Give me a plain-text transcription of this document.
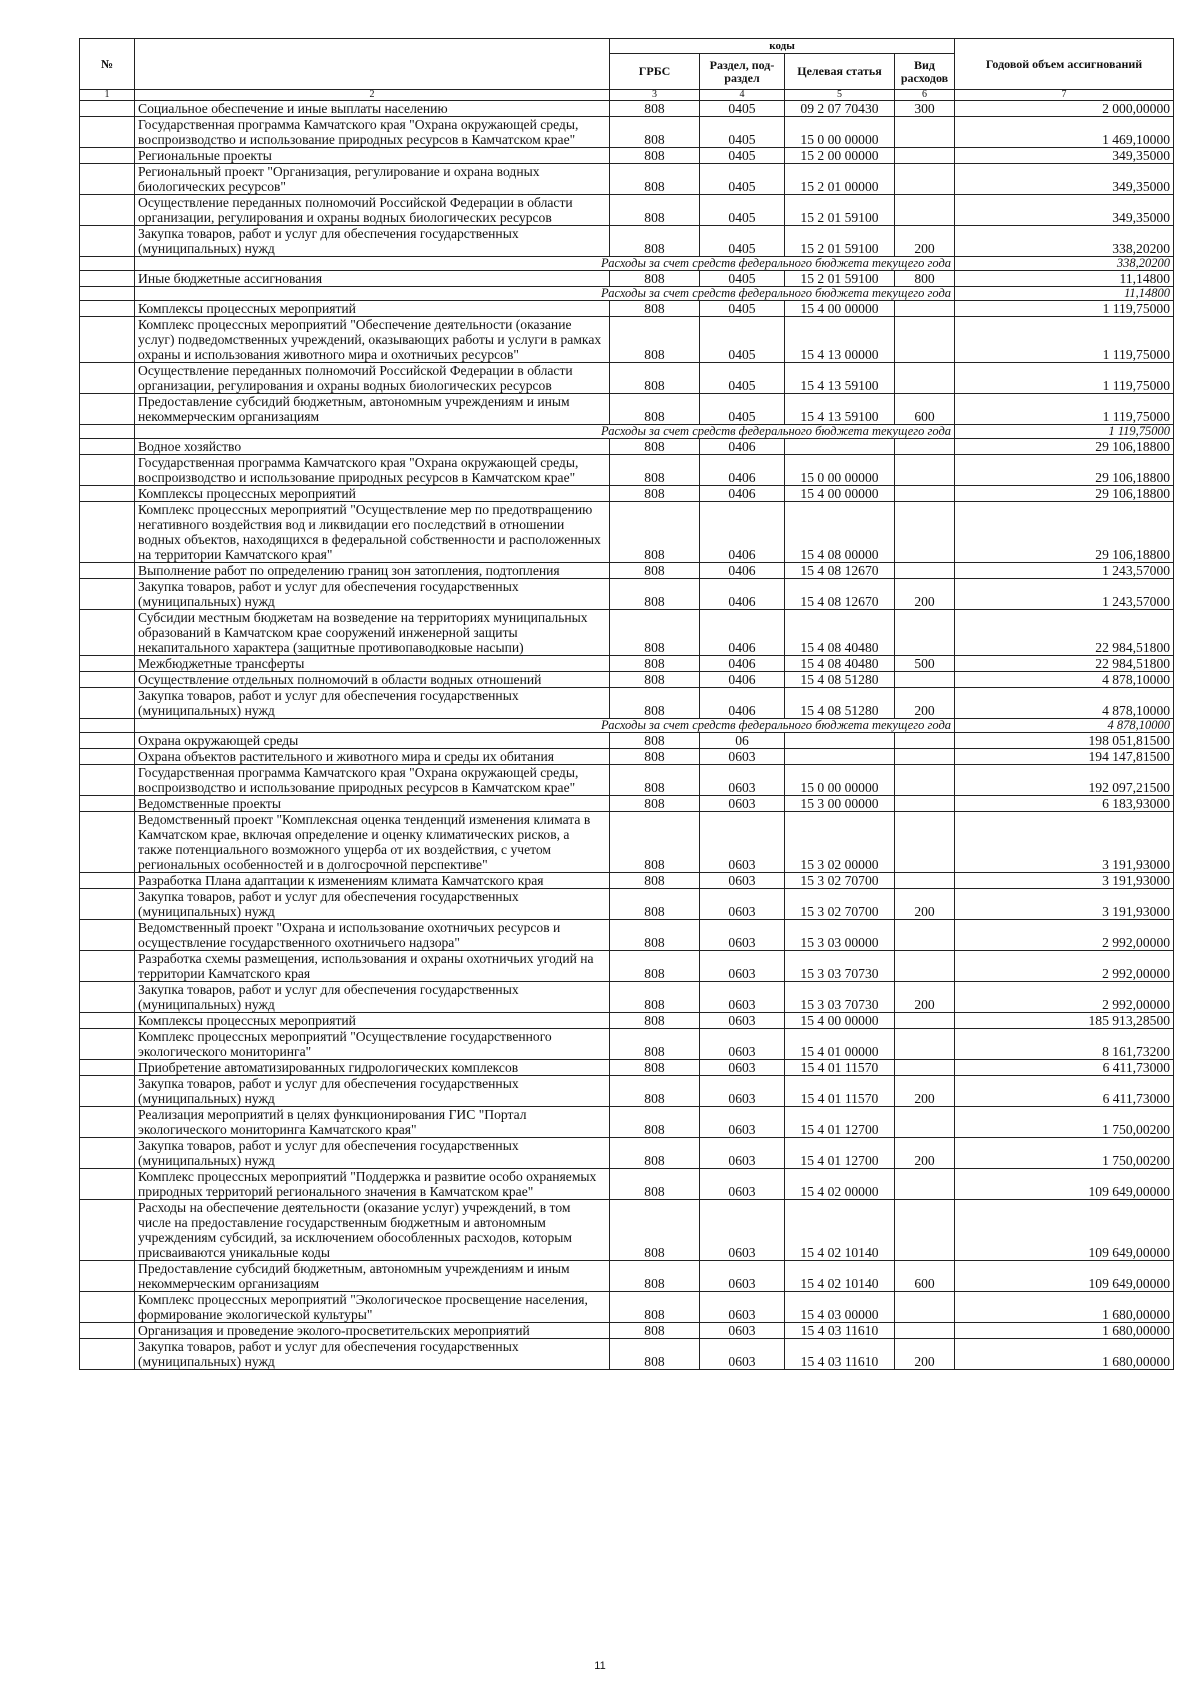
№		коды				Годовой объем ассигнований
		ГРБС	Раздел, под-раздел	Целевая статья	Вид расходов	
1	2	3	4	5	6	7
	Социальное обеспечение и иные выплаты населению	808	0405	09 2 07 70430	300	2 000,00000
	Государственная программа Камчатского края "Охрана окружающей среды, воспроизводство и использование природных ресурсов в Камчатском крае"	808	0405	15 0 00 00000		1 469,10000
	Региональные проекты	808	0405	15 2 00 00000		349,35000
	Региональный проект "Организация, регулирование и охрана водных биологических ресурсов"	808	0405	15 2 01 00000		349,35000
	Осуществление переданных полномочий Российской Федерации в области организации, регулирования и охраны водных биологических ресурсов	808	0405	15 2 01 59100		349,35000
	Закупка товаров, работ и услуг для обеспечения государственных (муниципальных) нужд	808	0405	15 2 01 59100	200	338,20200
	Расходы за счет средств федерального бюджета текущего года					338,20200
	Иные бюджетные ассигнования	808	0405	15 2 01 59100	800	11,14800
	Расходы за счет средств федерального бюджета текущего года					11,14800
	Комплексы процессных мероприятий	808	0405	15 4 00 00000		1 119,75000
	Комплекс процессных мероприятий "Обеспечение деятельности (оказание услуг) подведомственных учреждений, оказывающих работы и услуги в рамках охраны и использования животного мира и охотничьих ресурсов"	808	0405	15 4 13 00000		1 119,75000
	Осуществление переданных полномочий Российской Федерации в области организации, регулирования и охраны водных биологических ресурсов	808	0405	15 4 13 59100		1 119,75000
	Предоставление субсидий бюджетным, автономным учреждениям и иным некоммерческим организациям	808	0405	15 4 13 59100	600	1 119,75000
	Расходы за счет средств федерального бюджета текущего года					1 119,75000
	Водное хозяйство	808	0406			29 106,18800
	Государственная программа Камчатского края "Охрана окружающей среды, воспроизводство и использование природных ресурсов в Камчатском крае"	808	0406	15 0 00 00000		29 106,18800
	Комплексы процессных мероприятий	808	0406	15 4 00 00000		29 106,18800
	Комплекс процессных мероприятий "Осуществление мер по предотвращению негативного воздействия вод и ликвидации его последствий в отношении водных объектов, находящихся в федеральной собственности и расположенных на территории Камчатского края"	808	0406	15 4 08 00000		29 106,18800
	Выполнение работ по определению границ зон затопления, подтопления	808	0406	15 4 08 12670		1 243,57000
	Закупка товаров, работ и услуг для обеспечения государственных (муниципальных) нужд	808	0406	15 4 08 12670	200	1 243,57000
	Субсидии местным бюджетам на возведение на территориях муниципальных образований в Камчатском крае сооружений инженерной защиты некапитального характера (защитные противопаводковые насыпи)	808	0406	15 4 08 40480		22 984,51800
	Межбюджетные трансферты	808	0406	15 4 08 40480	500	22 984,51800
	Осуществление отдельных полномочий в области водных отношений	808	0406	15 4 08 51280		4 878,10000
	Закупка товаров, работ и услуг для обеспечения государственных (муниципальных) нужд	808	0406	15 4 08 51280	200	4 878,10000
	Расходы за счет средств федерального бюджета текущего года					4 878,10000
	Охрана окружающей среды	808	06			198 051,81500
	Охрана объектов растительного и животного мира и среды их обитания	808	0603			194 147,81500
	Государственная программа Камчатского края "Охрана окружающей среды, воспроизводство и использование природных ресурсов в Камчатском крае"	808	0603	15 0 00 00000		192 097,21500
	Ведомственные проекты	808	0603	15 3 00 00000		6 183,93000
	Ведомственный проект "Комплексная оценка тенденций изменения климата в Камчатском крае, включая определение и оценку климатических рисков, а также потенциального возможного ущерба от их воздействия, с учетом региональных особенностей и в долгосрочной перспективе"	808	0603	15 3 02 00000		3 191,93000
	Разработка Плана адаптации к изменениям климата Камчатского края	808	0603	15 3 02 70700		3 191,93000
	Закупка товаров, работ и услуг для обеспечения государственных (муниципальных) нужд	808	0603	15 3 02 70700	200	3 191,93000
	Ведомственный проект "Охрана и использование охотничьих ресурсов и осуществление государственного охотничьего надзора"	808	0603	15 3 03 00000		2 992,00000
	Разработка схемы размещения, использования и охраны охотничьих угодий на территории Камчатского края	808	0603	15 3 03 70730		2 992,00000
	Закупка товаров, работ и услуг для обеспечения государственных (муниципальных) нужд	808	0603	15 3 03 70730	200	2 992,00000
	Комплексы процессных мероприятий	808	0603	15 4 00 00000		185 913,28500
	Комплекс процессных мероприятий "Осуществление государственного экологического мониторинга"	808	0603	15 4 01 00000		8 161,73200
	Приобретение автоматизированных гидрологических комплексов	808	0603	15 4 01 11570		6 411,73000
	Закупка товаров, работ и услуг для обеспечения государственных (муниципальных) нужд	808	0603	15 4 01 11570	200	6 411,73000
	Реализация мероприятий в целях функционирования ГИС "Портал экологического мониторинга Камчатского края"	808	0603	15 4 01 12700		1 750,00200
	Закупка товаров, работ и услуг для обеспечения государственных (муниципальных) нужд	808	0603	15 4 01 12700	200	1 750,00200
	Комплекс процессных мероприятий "Поддержка и развитие особо охраняемых природных территорий регионального значения в Камчатском крае"	808	0603	15 4 02 00000		109 649,00000
	Расходы на обеспечение деятельности (оказание услуг) учреждений, в том числе на предоставление государственным бюджетным и автономным учреждениям субсидий, за исключением обособленных расходов, которым присваиваются уникальные коды	808	0603	15 4 02 10140		109 649,00000
	Предоставление субсидий бюджетным, автономным учреждениям и иным некоммерческим организациям	808	0603	15 4 02 10140	600	109 649,00000
	Комплекс процессных мероприятий "Экологическое просвещение населения, формирование экологической культуры"	808	0603	15 4 03 00000		1 680,00000
	Организация и проведение эколого-просветительских мероприятий	808	0603	15 4 03 11610		1 680,00000
	Закупка товаров, работ и услуг для обеспечения государственных (муниципальных) нужд	808	0603	15 4 03 11610	200	1 680,00000
11
